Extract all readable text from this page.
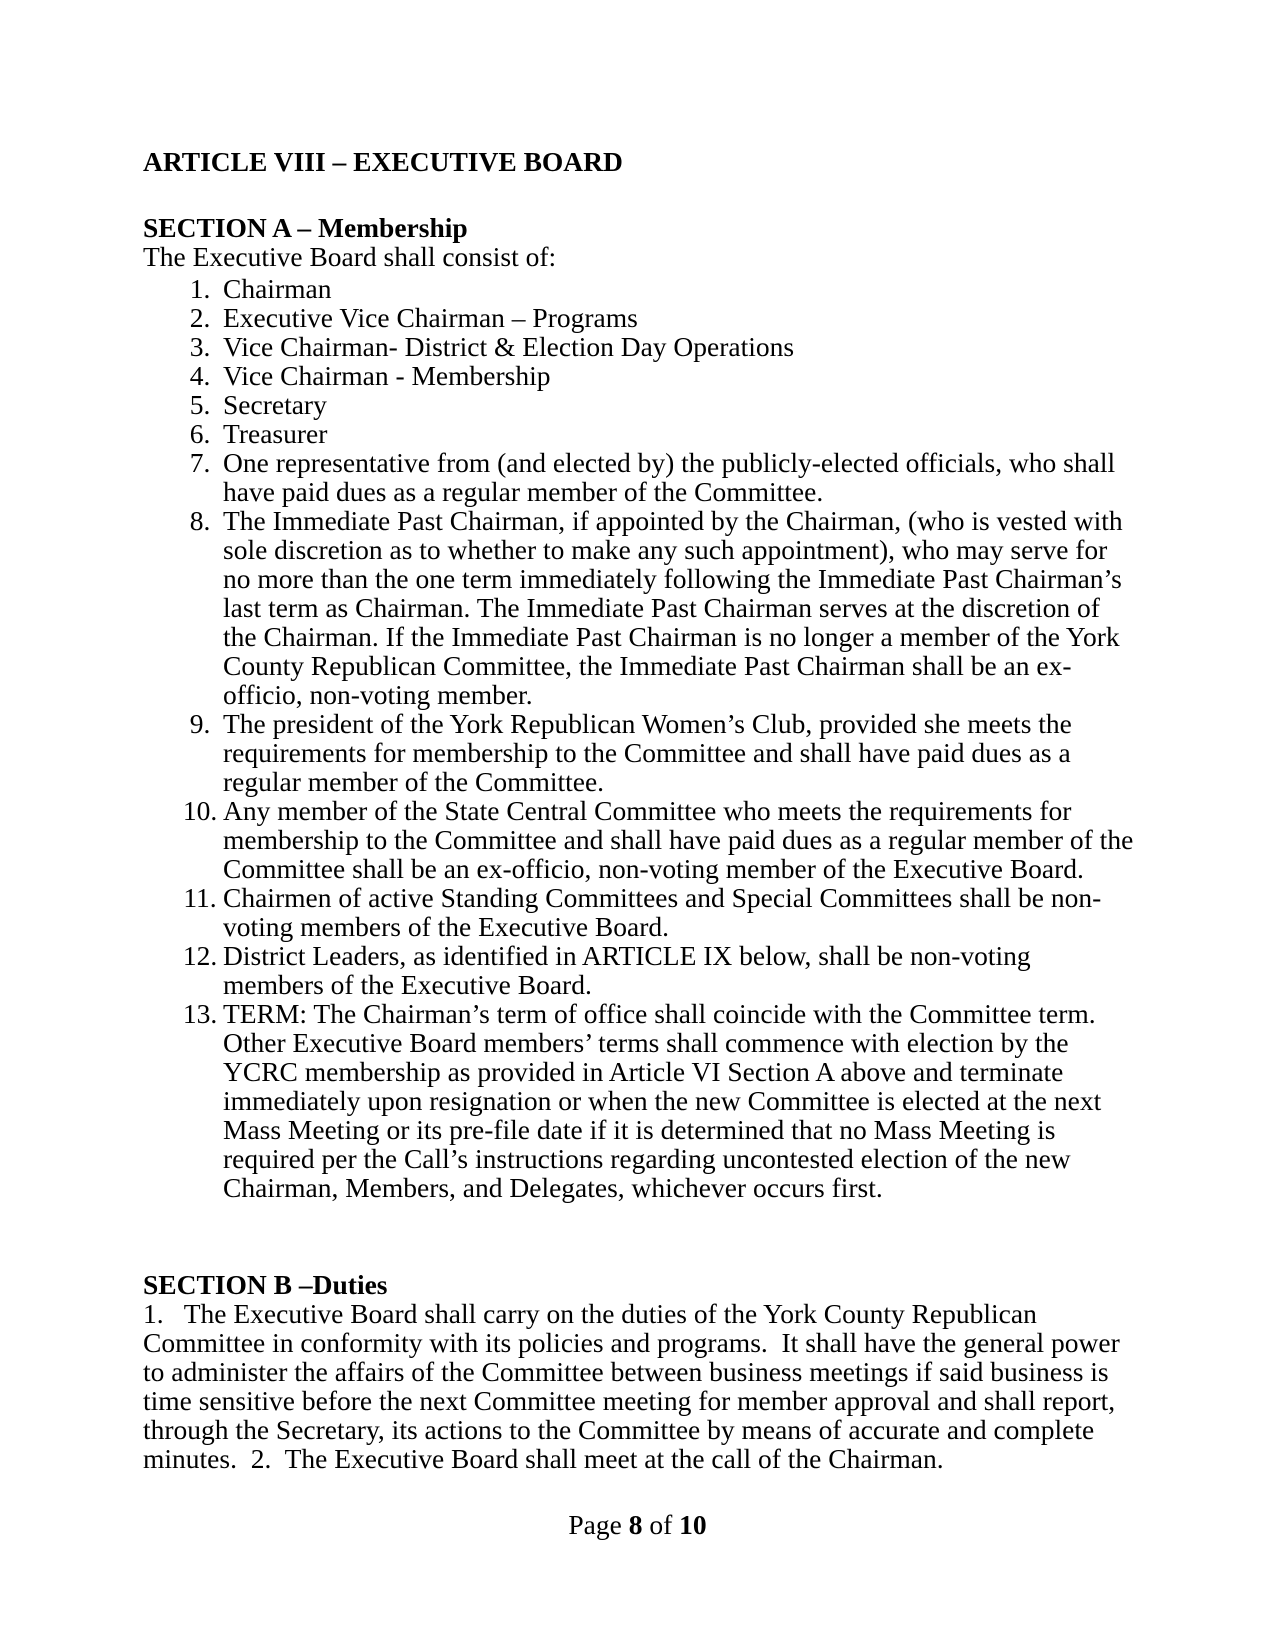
ARTICLE VIII – EXECUTIVE BOARD
SECTION A – Membership

The Executive Board shall consist of:

1. Chairman
2. Executive Vice Chairman – Programs
3. Vice Chairman- District & Election Day Operations
4. Vice Chairman - Membership
5. Secretary
6. Treasurer
7. One representative from (and elected by) the publicly-elected officials, who shall have paid dues as a regular member of the Committee.
8. The Immediate Past Chairman, if appointed by the Chairman, (who is vested with sole discretion as to whether to make any such appointment), who may serve for no more than the one term immediately following the Immediate Past Chairman’s last term as Chairman. The Immediate Past Chairman serves at the discretion of the Chairman. If the Immediate Past Chairman is no longer a member of the York County Republican Committee, the Immediate Past Chairman shall be an ex-officio, non-voting member.
9. The president of the York Republican Women’s Club, provided she meets the requirements for membership to the Committee and shall have paid dues as a regular member of the Committee.
10. Any member of the State Central Committee who meets the requirements for membership to the Committee and shall have paid dues as a regular member of the Committee shall be an ex-officio, non-voting member of the Executive Board.
11. Chairmen of active Standing Committees and Special Committees shall be non-voting members of the Executive Board.
12. District Leaders, as identified in ARTICLE IX below, shall be non-voting members of the Executive Board.
13. TERM: The Chairman’s term of office shall coincide with the Committee term. Other Executive Board members’ terms shall commence with election by the YCRC membership as provided in Article VI Section A above and terminate immediately upon resignation or when the new Committee is elected at the next Mass Meeting or its pre-file date if it is determined that no Mass Meeting is required per the Call’s instructions regarding uncontested election of the new Chairman, Members, and Delegates, whichever occurs first.
SECTION B –Duties

1.   The Executive Board shall carry on the duties of the York County Republican Committee in conformity with its policies and programs.  It shall have the general power to administer the affairs of the Committee between business meetings if said business is time sensitive before the next Committee meeting for member approval and shall report, through the Secretary, its actions to the Committee by means of accurate and complete minutes.  2.  The Executive Board shall meet at the call of the Chairman.

Page 8 of 10
